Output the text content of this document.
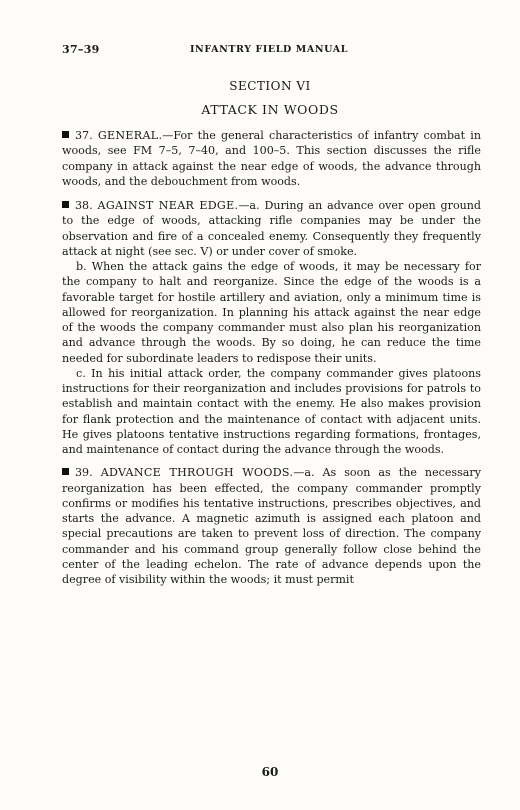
37–39	INFANTRY FIELD MANUAL
SECTION VI
ATTACK IN WOODS

37. GENERAL.—For the general characteristics of infantry combat in woods, see FM 7–5, 7–40, and 100–5. This section discusses the rifle company in attack against the near edge of woods, the advance through woods, and the debouchment from woods.

38. AGAINST NEAR EDGE.—a. During an advance over open ground to the edge of woods, attacking rifle companies may be under the observation and fire of a concealed enemy. Consequently they frequently attack at night (see sec. V) or under cover of smoke.

b. When the attack gains the edge of woods, it may be necessary for the company to halt and reorganize. Since the edge of the woods is a favorable target for hostile artillery and aviation, only a minimum time is allowed for reorganization. In planning his attack against the near edge of the woods the company commander must also plan his reorganization and advance through the woods. By so doing, he can reduce the time needed for subordinate leaders to redispose their units.

c. In his initial attack order, the company commander gives platoons instructions for their reorganization and includes provisions for patrols to establish and maintain contact with the enemy. He also makes provision for flank protection and the maintenance of contact with adjacent units. He gives platoons tentative instructions regarding formations, frontages, and maintenance of contact during the advance through the woods.

39. ADVANCE THROUGH WOODS.—a. As soon as the necessary reorganization has been effected, the company commander promptly confirms or modifies his tentative instructions, prescribes objectives, and starts the advance. A magnetic azimuth is assigned each platoon and special precautions are taken to prevent loss of direction. The company commander and his command group generally follow close behind the center of the leading echelon. The rate of advance depends upon the degree of visibility within the woods; it must permit

60
